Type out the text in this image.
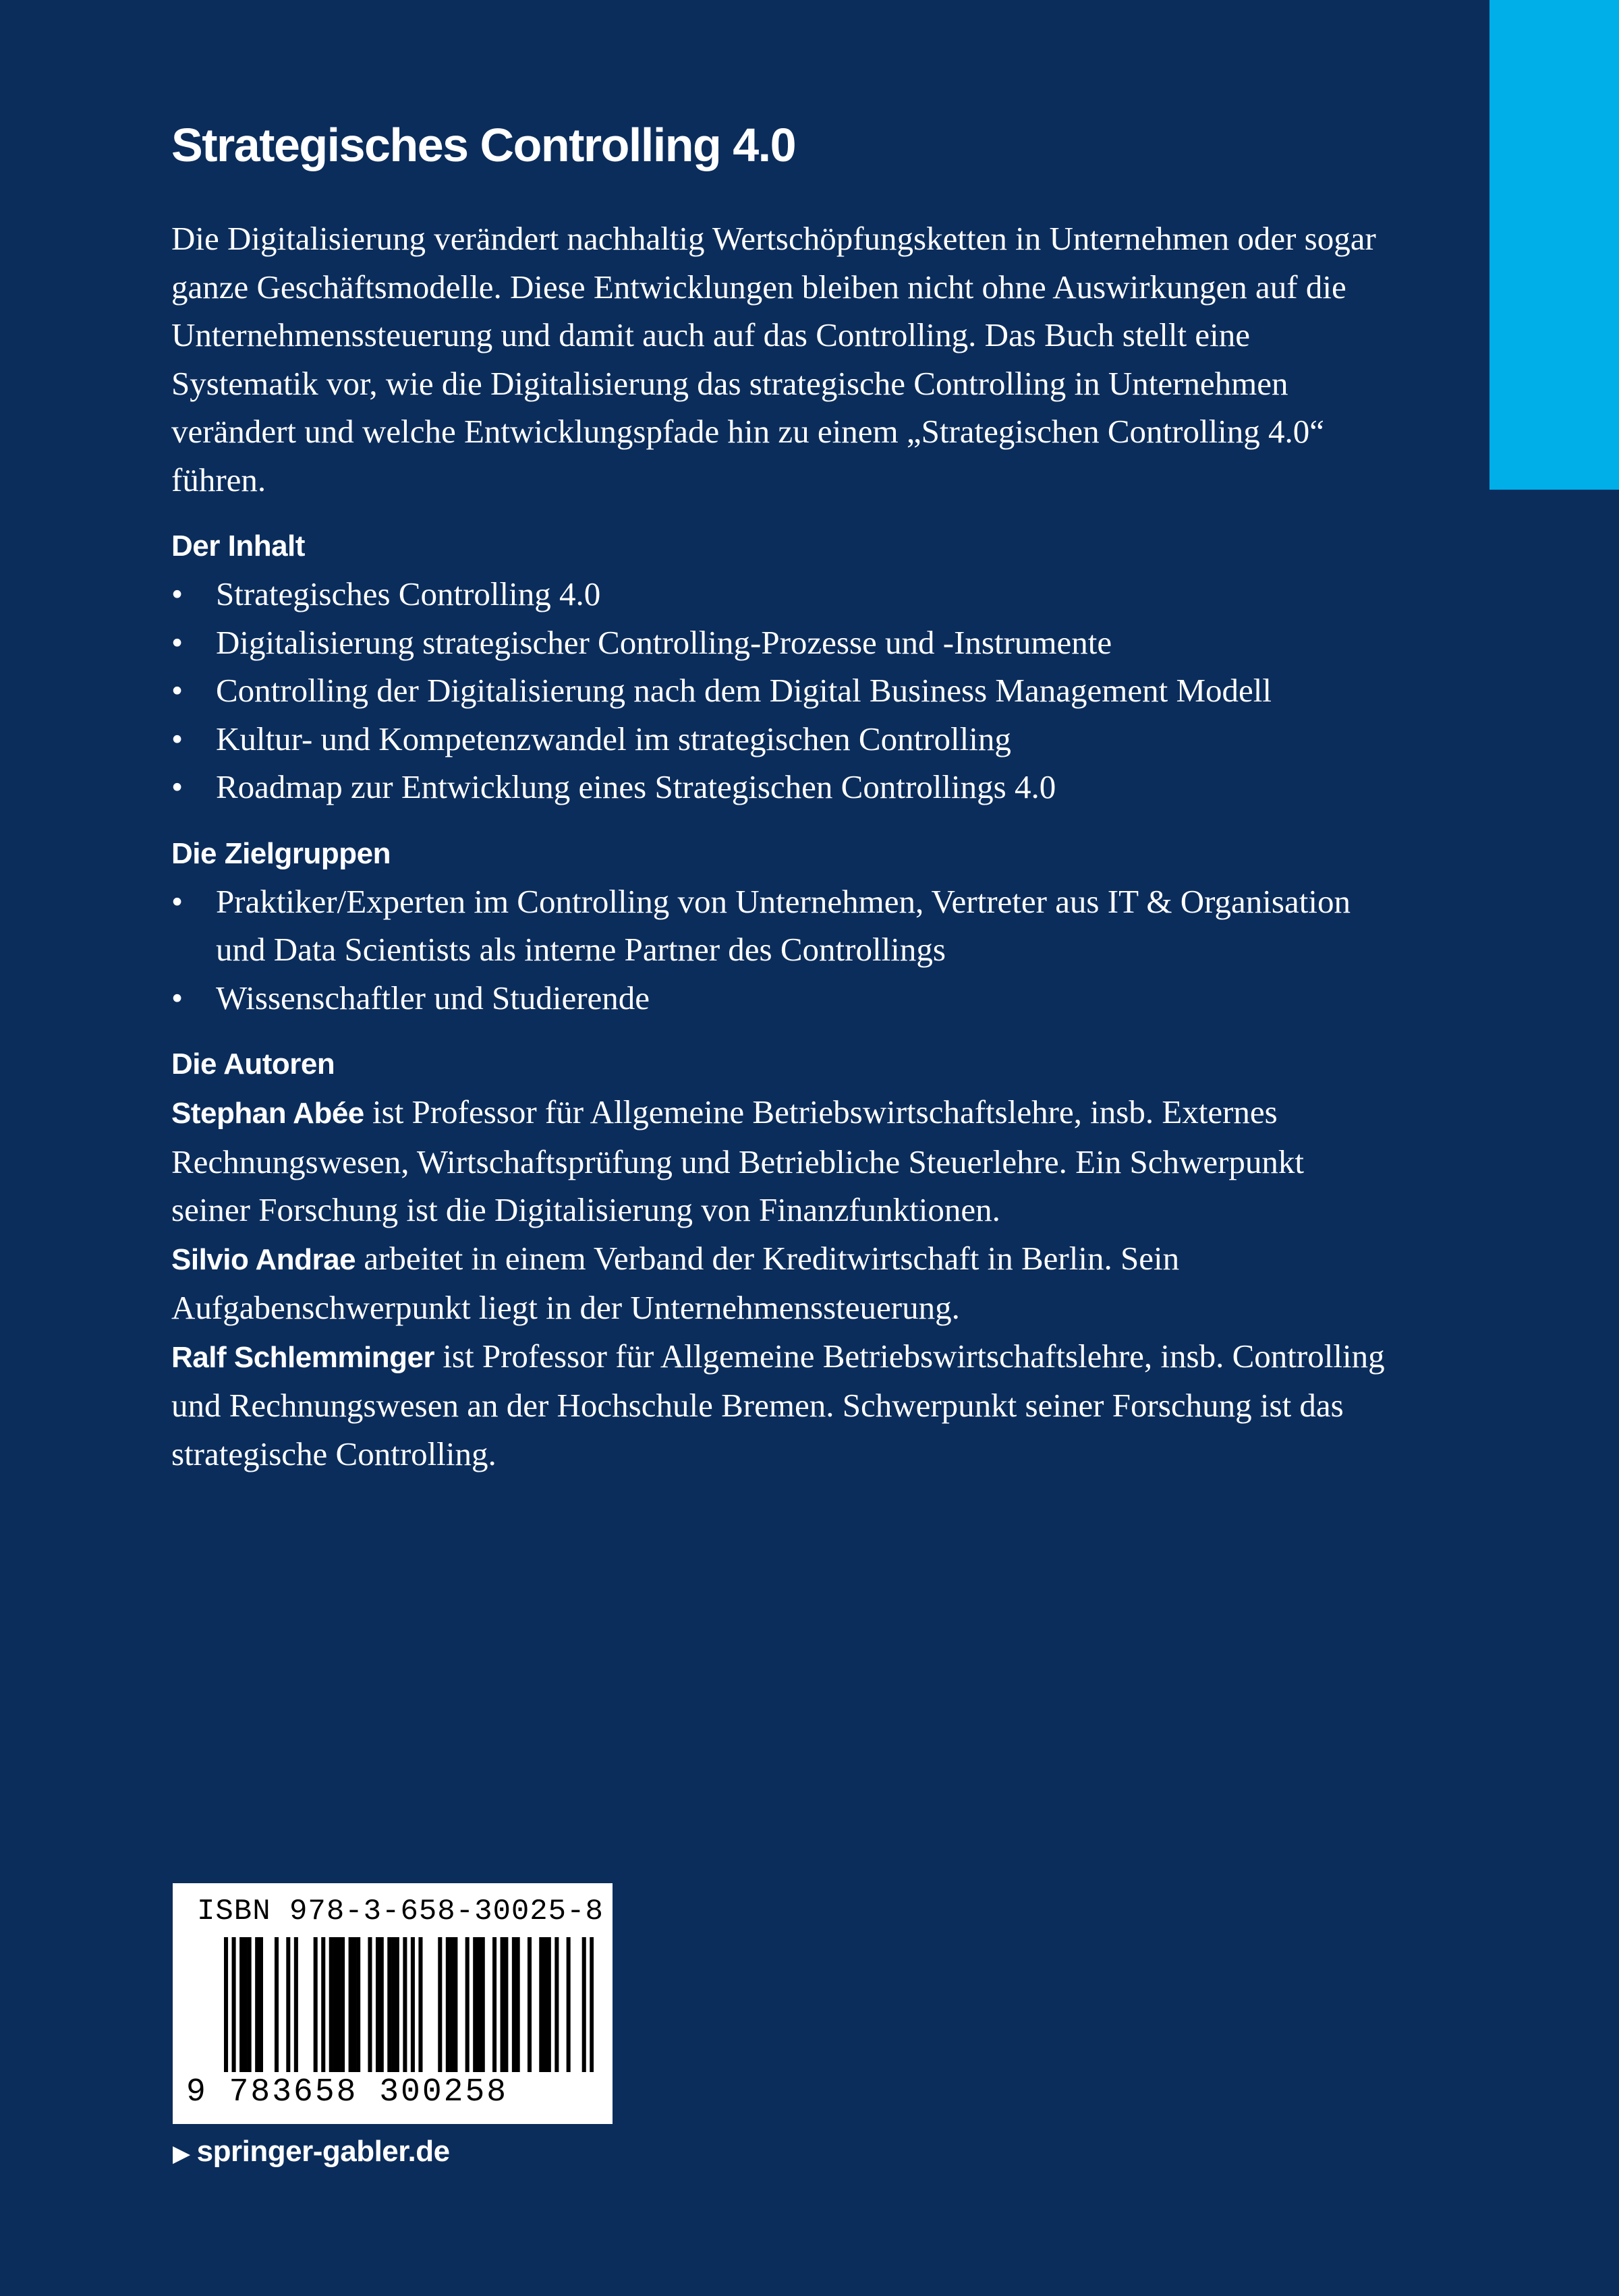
Strategisches Controlling 4.0

Die Digitalisierung verändert nachhaltig Wertschöpfungsketten in Unternehmen oder sogar ganze Geschäftsmodelle. Diese Entwicklungen bleiben nicht ohne Auswirkungen auf die Unternehmenssteuerung und damit auch auf das Controlling. Das Buch stellt eine Systematik vor, wie die Digitalisierung das strategische Controlling in Unternehmen verändert und welche Entwicklungspfade hin zu einem „Strategischen Controlling 4.0“ führen.

Der Inhalt
• Strategisches Controlling 4.0
• Digitalisierung strategischer Controlling-Prozesse und -Instrumente
• Controlling der Digitalisierung nach dem Digital Business Management Modell
• Kultur- und Kompetenzwandel im strategischen Controlling
• Roadmap zur Entwicklung eines Strategischen Controllings 4.0
Die Zielgruppen
• Praktiker/Experten im Controlling von Unternehmen, Vertreter aus IT & Organisation und Data Scientists als interne Partner des Controllings
• Wissenschaftler und Studierende
Die Autoren

Stephan Abée ist Professor für Allgemeine Betriebswirtschaftslehre, insb. Externes Rechnungswesen, Wirtschaftsprüfung und Betriebliche Steuerlehre. Ein Schwerpunkt seiner Forschung ist die Digitalisierung von Finanzfunktionen.

Silvio Andrae arbeitet in einem Verband der Kreditwirtschaft in Berlin. Sein Aufgabenschwerpunkt liegt in der Unternehmenssteuerung.

Ralf Schlemminger ist Professor für Allgemeine Betriebswirtschaftslehre, insb. Controlling und Rechnungswesen an der Hochschule Bremen. Schwerpunkt seiner Forschung ist das strategische Controlling.

ISBN 978-3-658-30025-8
9 783658 300258
▶ springer-gabler.de
